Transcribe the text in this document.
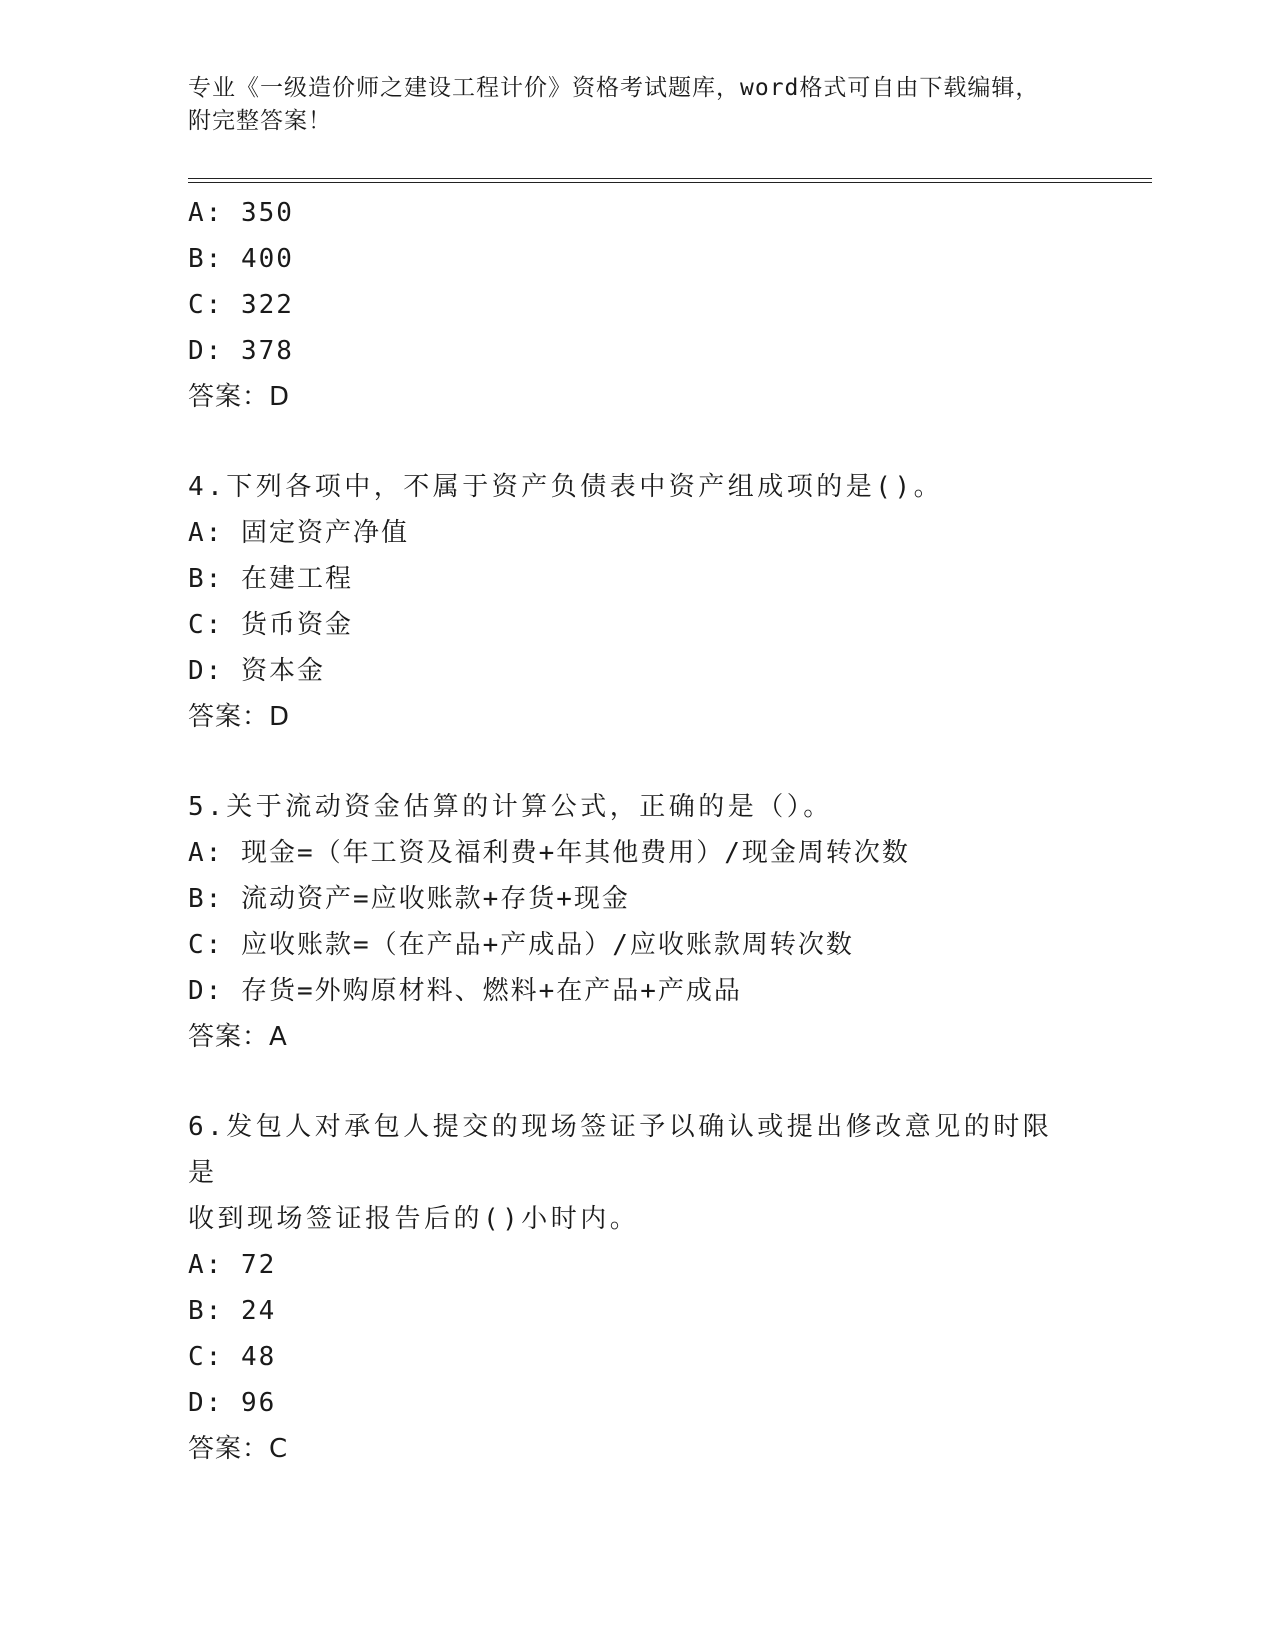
专业《一级造价师之建设工程计价》资格考试题库，word格式可自由下载编辑，
附完整答案！
A: 350
B: 400
C: 322
D: 378
答案：D
4.下列各项中，不属于资产负债表中资产组成项的是()。
A: 固定资产净值
B: 在建工程
C: 货币资金
D: 资本金
答案：D
5.关于流动资金估算的计算公式，正确的是（）。
A: 现金=（年工资及福利费+年其他费用）/现金周转次数
B: 流动资产=应收账款+存货+现金
C: 应收账款=（在产品+产成品）/应收账款周转次数
D: 存货=外购原材料、燃料+在产品+产成品
答案：A
6.发包人对承包人提交的现场签证予以确认或提出修改意见的时限是
收到现场签证报告后的()小时内。
A: 72
B: 24
C: 48
D: 96
答案：C
